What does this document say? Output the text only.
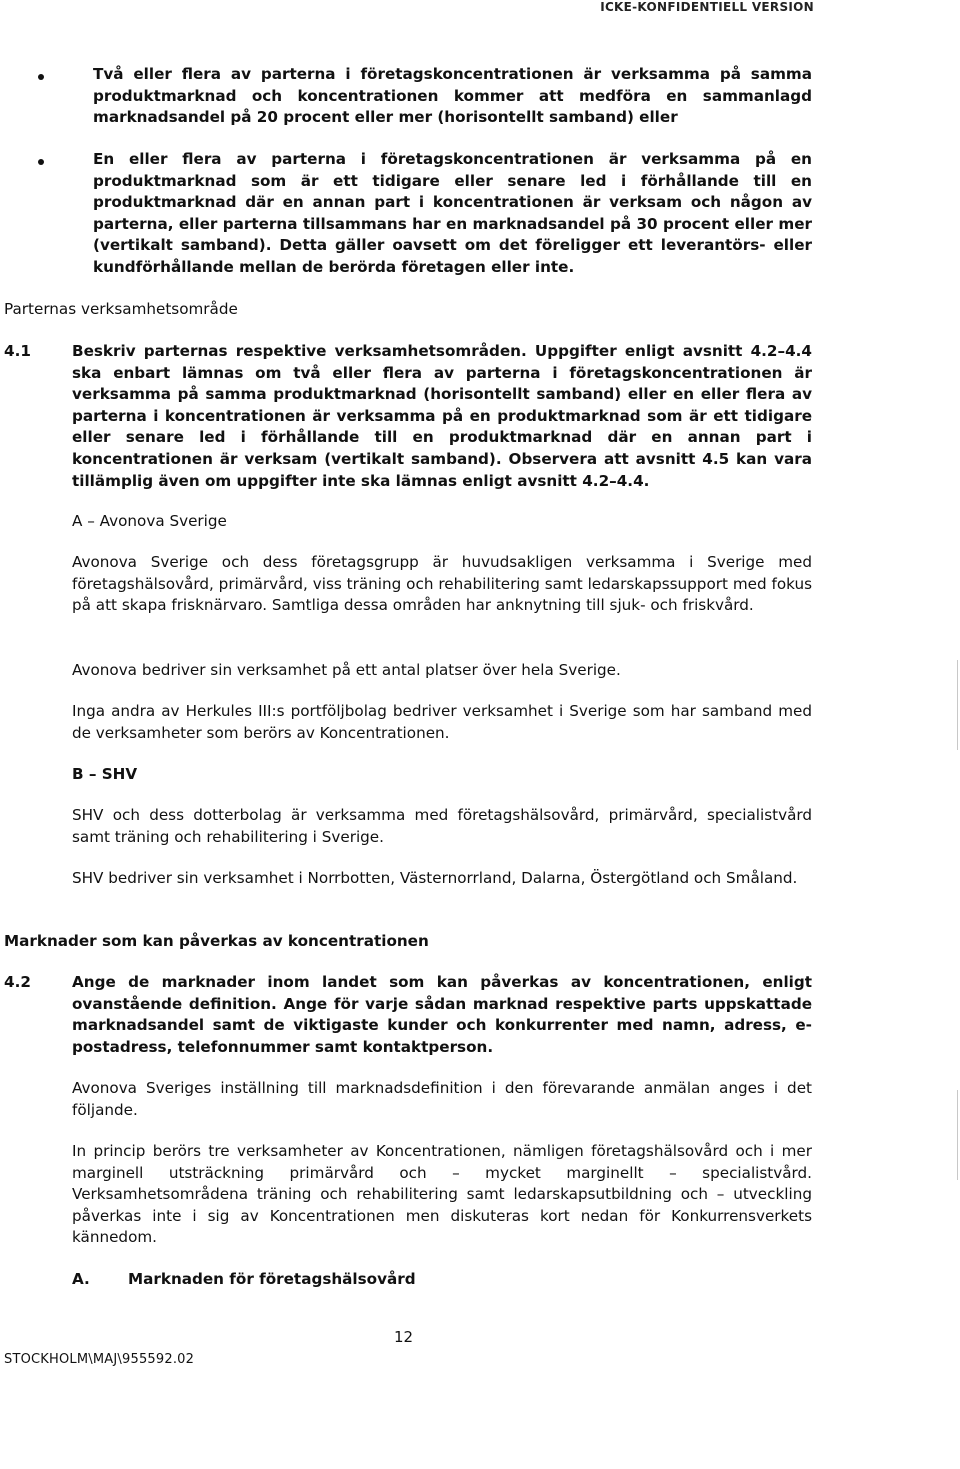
ICKE-KONFIDENTIELL VERSION
Två eller flera av parterna i företagskoncentrationen är verksamma på samma produktmarknad och koncentrationen kommer att medföra en sammanlagd marknadsandel på 20 procent eller mer (horisontellt samband) eller
En eller flera av parterna i företagskoncentrationen är verksamma på en produktmarknad som är ett tidigare eller senare led i förhållande till en produktmarknad där en annan part i koncentrationen är verksam och någon av parterna, eller parterna tillsammans har en marknadsandel på 30 procent eller mer (vertikalt samband). Detta gäller oavsett om det föreligger ett leverantörs- eller kundförhållande mellan de berörda företagen eller inte.
Parternas verksamhetsområde
4.1	Beskriv parternas respektive verksamhetsområden. Uppgifter enligt avsnitt 4.2–4.4 ska enbart lämnas om två eller flera av parterna i företagskoncentrationen är verksamma på samma produktmarknad (horisontellt samband) eller en eller flera av parterna i koncentrationen är verksamma på en produktmarknad som är ett tidigare eller senare led i förhållande till en produktmarknad där en annan part i koncentrationen är verksam (vertikalt samband). Observera att avsnitt 4.5 kan vara tillämplig även om uppgifter inte ska lämnas enligt avsnitt 4.2–4.4.
A – Avonova Sverige
Avonova Sverige och dess företagsgrupp är huvudsakligen verksamma i Sverige med företagshälsovård, primärvård, viss träning och rehabilitering samt ledarskapssupport med fokus på att skapa frisknärvaro. Samtliga dessa områden har anknytning till sjuk- och friskvård.
Avonova bedriver sin verksamhet på ett antal platser över hela Sverige.
Inga andra av Herkules III:s portföljbolag bedriver verksamhet i Sverige som har samband med de verksamheter som berörs av Koncentrationen.
B – SHV
SHV och dess dotterbolag är verksamma med företagshälsovård, primärvård, specialistvård samt träning och rehabilitering i Sverige.
SHV bedriver sin verksamhet i Norrbotten, Västernorrland, Dalarna, Östergötland och Småland.
Marknader som kan påverkas av koncentrationen
4.2	Ange de marknader inom landet som kan påverkas av koncentrationen, enligt ovanstående definition. Ange för varje sådan marknad respektive parts uppskattade marknadsandel samt de viktigaste kunder och konkurrenter med namn, adress, e-postadress, telefonnummer samt kontaktperson.
Avonova Sveriges inställning till marknadsdefinition i den förevarande anmälan anges i det följande.
In princip berörs tre verksamheter av Koncentrationen, nämligen företagshälsovård och i mer marginell utsträckning primärvård och – mycket marginellt – specialistvård. Verksamhetsområdena träning och rehabilitering samt ledarskapsutbildning och – utveckling påverkas inte i sig av Koncentrationen men diskuteras kort nedan för Konkurrensverkets kännedom.
A.	Marknaden för företagshälsovård
12
STOCKHOLM\MAJ\955592.02
